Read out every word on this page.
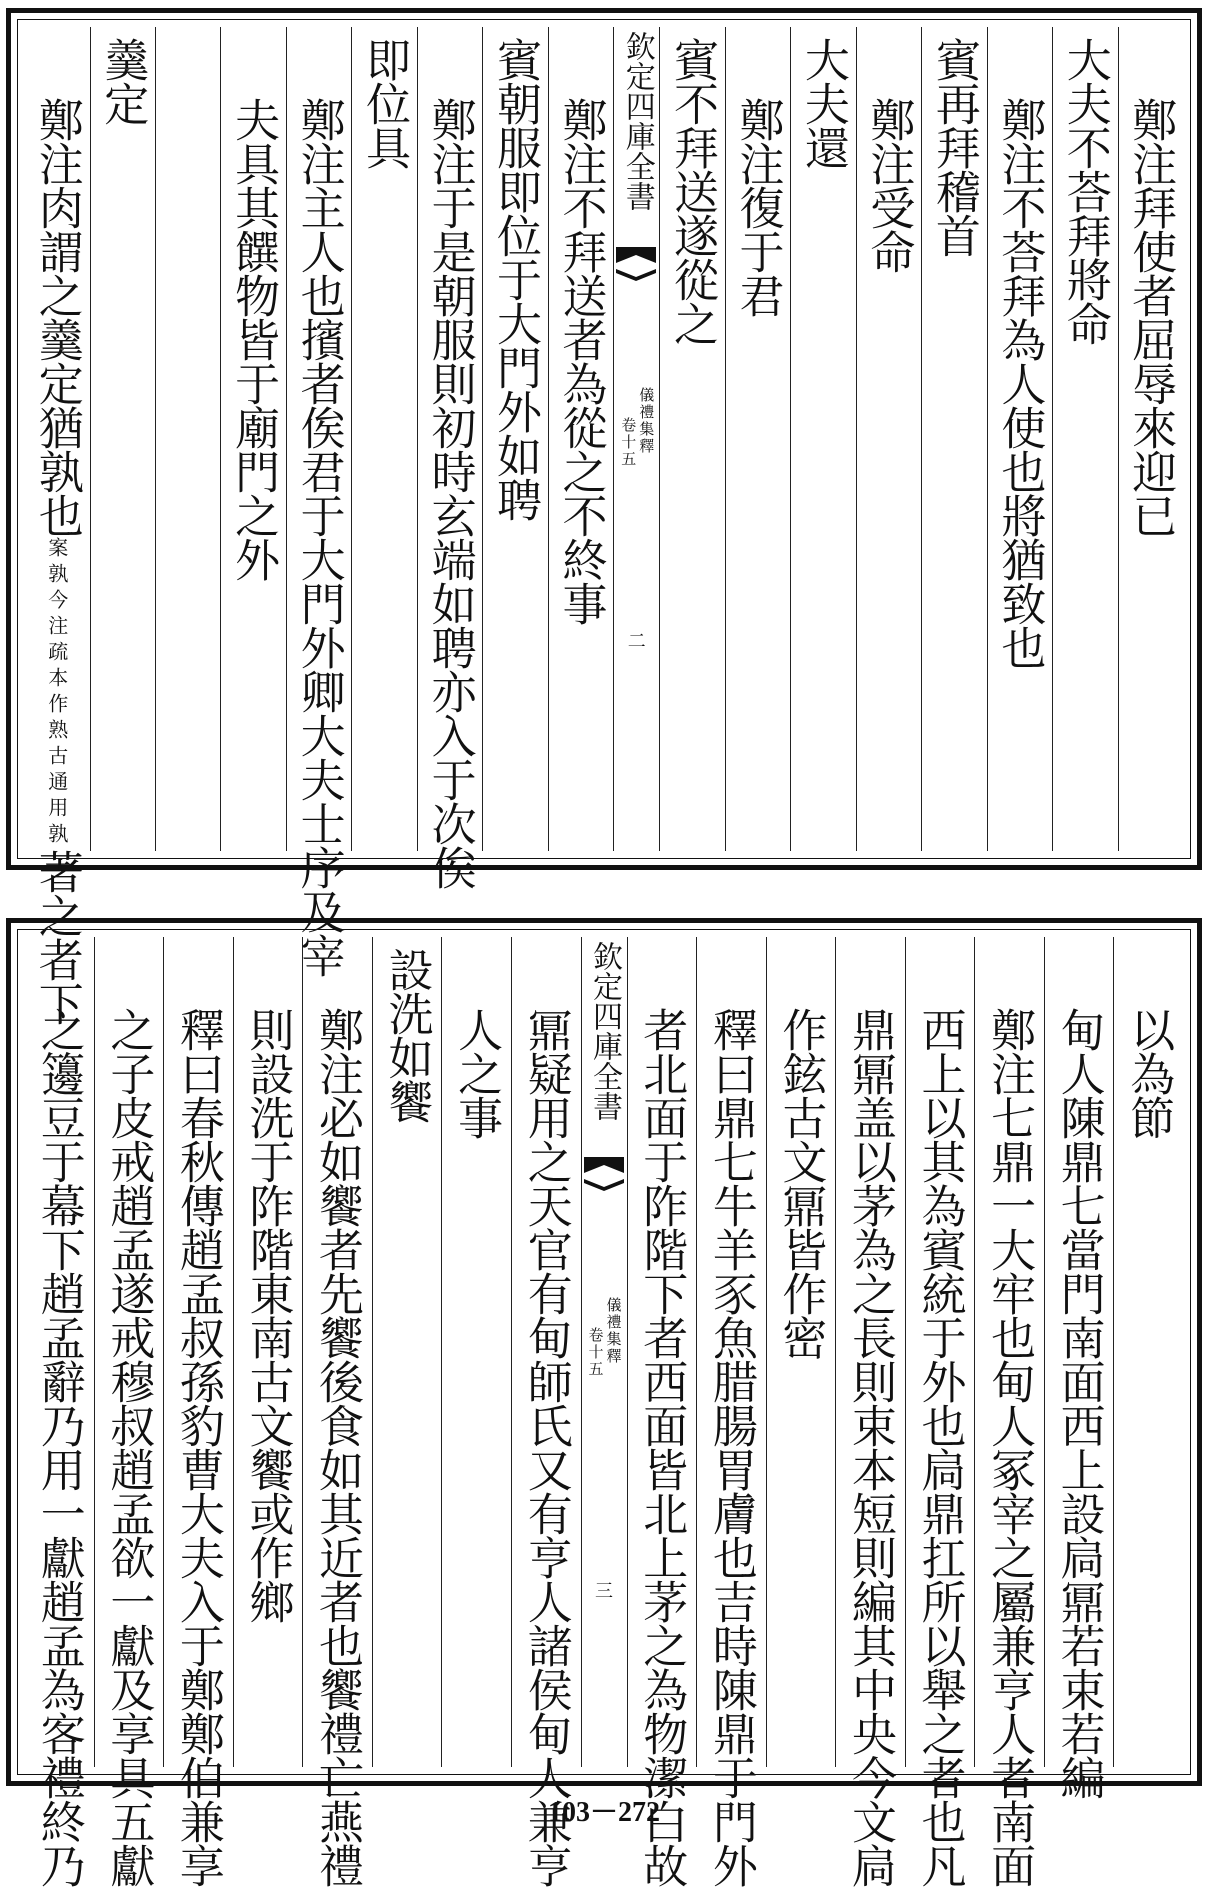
鄭注拜使者屈辱來迎已
大夫不荅拜將命
鄭注不荅拜為人使也將猶致也
賓再拜稽首
鄭注受命
大夫還
鄭注復于君
賓不拜送遂從之
欽定四庫全書
儀禮集釋
卷十五
二
鄭注不拜送者為從之不終事
賓朝服即位于大門外如聘
鄭注于是朝服則初時玄端如聘亦入于次俟
即位具
鄭注主人也擯者俟君于大門外卿大夫士序及宰
夫具其饌物皆于廟門之外
羹定
鄭注肉謂之羹定猶孰也案孰今注疏本作熟古通用孰著之者下
以為節
甸人陳鼎七當門南面西上設扃鼏若束若編
鄭注七鼎一大牢也甸人冢宰之屬兼亨人者南面
西上以其為賓統于外也扃鼎扛所以舉之者也凡
鼎鼏盖以茅為之長則束本短則編其中央今文扃
作鉉古文鼏皆作密
釋曰鼎七牛羊豕魚腊腸胃膚也吉時陳鼎于門外
者北面于阼階下者西面皆北上茅之為物潔白故
欽定四庫全書
儀禮集釋
卷十五
三
鼏疑用之天官有甸師氏又有亨人諸侯甸人兼亨
人之事
設洗如饗
鄭注必如饗者先饗後食如其近者也饗禮亡燕禮
則設洗于阼階東南古文饗或作鄉
釋曰春秋傳趙孟叔孫豹曹大夫入于鄭鄭伯兼享
之子皮戒趙孟遂戒穆叔趙孟欲一獻及享具五獻
之籩豆于幕下趙孟辭乃用一獻趙孟為客禮終乃	103－272
